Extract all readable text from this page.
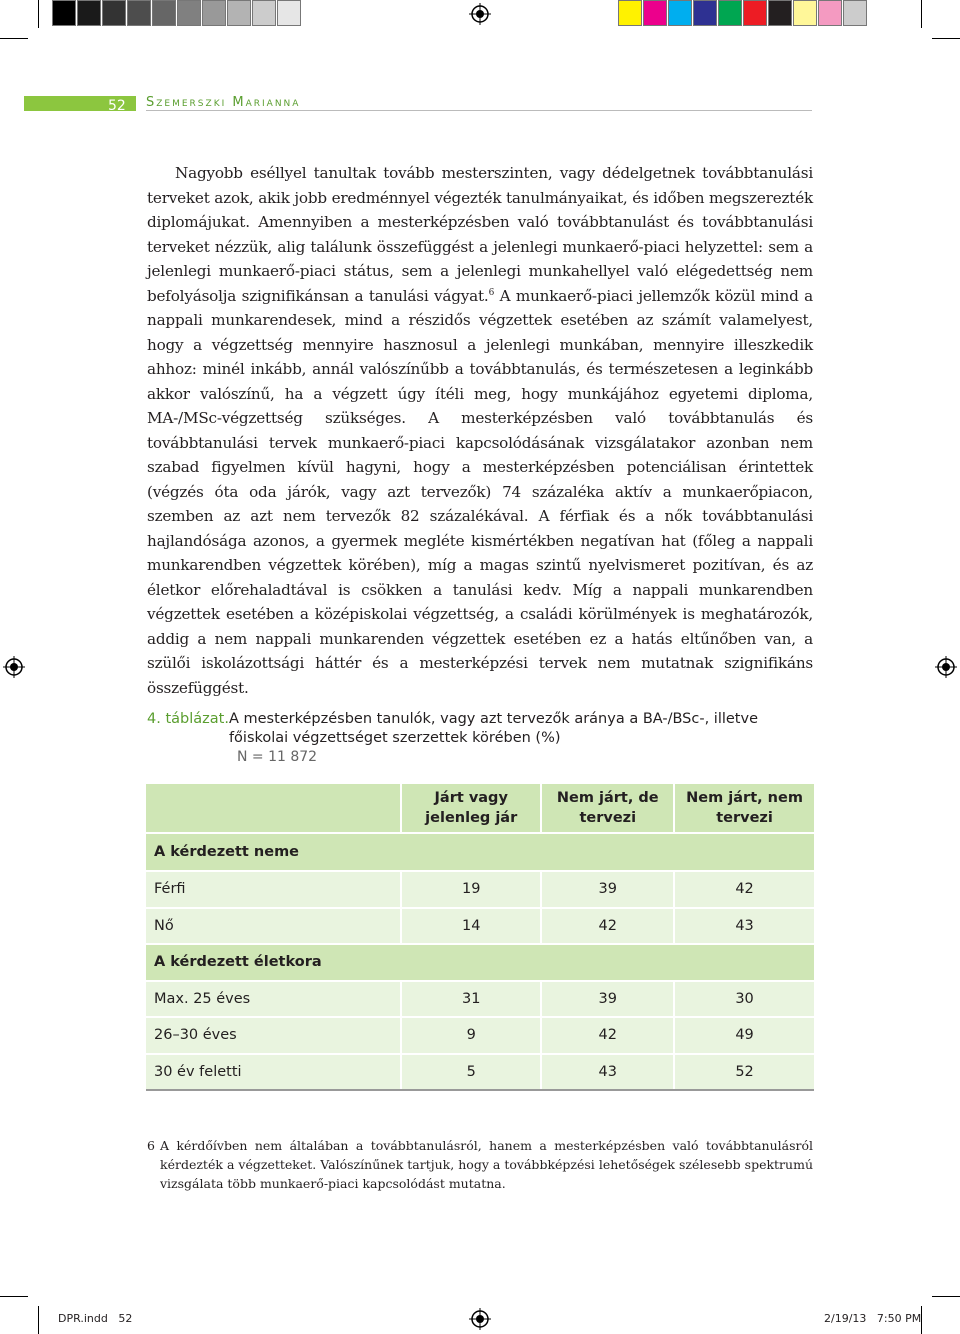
52 Szemerszki Marianna

Nagyobb eséllyel tanultak tovább mesterszinten, vagy dédelgetnek továbbtanulási terveket azok, akik jobb eredménnyel végezték tanulmányaikat, és időben megszerezték diplomájukat. Amennyiben a mesterképzésben való továbbtanulást és továbbtanulási terveket nézzük, alig találunk összefüggést a jelenlegi munkaerő-piaci helyzettel: sem a jelenlegi munkaerő-piaci státus, sem a jelenlegi munkahellyel való elégedettség nem befolyásolja szignifikánsan a tanulási vágyat.$^6$ A munkaerő-piaci jellemzők közül mind a nappali munkarendesek, mind a részidős végzettek esetében az számít valamelyest, hogy a végzettség mennyire hasznosul a jelenlegi munkában, mennyire illeszkedik ahhoz: minél inkább, annál valószínűbb a továbbtanulás, és természetesen a leginkább akkor valószínű, ha a végzett úgy ítéli meg, hogy munkájához egyetemi diploma, MA-/MSc-végzettség szükséges. A mesterképzésben való továbbtanulás és továbbtanulási tervek munkaerő-piaci kapcsolódásának vizsgálatakor azonban nem szabad figyelmen kívül hagyni, hogy a mesterképzésben potenciálisan érintettek (végzés óta oda járók, vagy azt tervezők) 74 százaléka aktív a munkaerőpiacon, szemben az azt nem tervezők 82 százalékával. A férfiak és a nők továbbtanulási hajlandósága azonos, a gyermek megléte kismértékben negatívan hat (főleg a nappali munkarendben végzettek körében), míg a magas szintű nyelvismeret pozitívan, és az életkor előrehaladtával is csökken a tanulási kedv. Míg a nappali munkarendben végzettek esetében a középiskolai végzettség, a családi körülmények is meghatározók, addig a nem nappali munkarenden végzettek esetében ez a hatás eltűnőben van, a szülői iskolázottsági háttér és a mesterképzési tervek nem mutatnak szignifikáns összefüggést.

4. táblázat. A mesterképzésben tanulók, vagy azt tervezők aránya a BA-/BSc-, illetve főiskolai végzettséget szerzettek körében (%)
N = 11 872
	Járt vagy jelenleg jár	Nem járt, de tervezi	Nem járt, nem tervezi
A kérdezett neme			
Férfi	19	39	42
Nő	14	42	43
A kérdezett életkora			
Max. 25 éves	31	39	30
26–30 éves	9	42	49
30 év feletti	5	43	52
6 A kérdőívben nem általában a továbbtanulásról, hanem a mesterképzésben való továbbtanulásról kérdezték a végzetteket. Valószínűnek tartjuk, hogy a továbbképzési lehetőségek szélesebb spektrumú vizsgálata több munkaerő-piaci kapcsolódást mutatna.
DPR.indd   52	2/19/13   7:50 PM
